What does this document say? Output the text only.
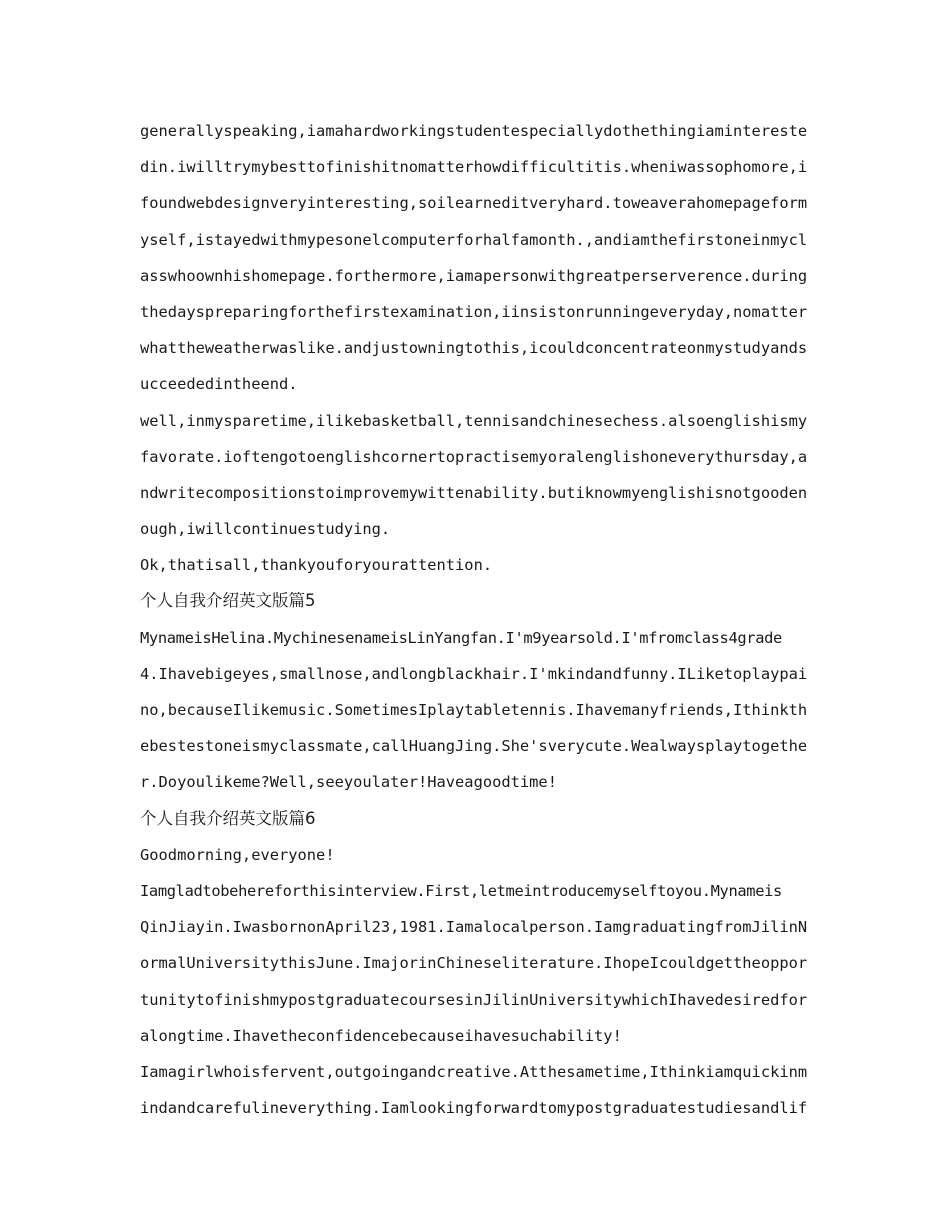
generallyspeaking,iamahardworkingstudentespeciallydothethingiamintereste
din.iwilltrymybesttofinishitnomatterhowdifficultitis.wheniwassophomore,i
foundwebdesignveryinteresting,soilearneditveryhard.toweaverahomepageform
yself,istayedwithmypesonelcomputerforhalfamonth.,andiamthefirstoneinmycl
asswhoownhishomepage.forthermore,iamapersonwithgreatperserverence.during
thedayspreparingforthefirstexamination,iinsistonrunningeveryday,nomatter
whattheweatherwaslike.andjustowningtothis,icouldconcentrateonmystudyands
ucceededintheend.
well,inmysparetime,ilikebasketball,tennisandchinesechess.alsoenglishismy
favorate.ioftengotoenglishcornertopractisemyoralenglishoneverythursday,a
ndwritecompositionstoimprovemywittenability.butiknowmyenglishisnotgooden
ough,iwillcontinuestudying.
Ok,thatisall,thankyouforyourattention.
个人自我介绍英文版篇5
MynameisHelina.MychinesenameisLinYangfan.I'm9yearsold.I'mfromclass4grade
4.Ihavebigeyes,smallnose,andlongblackhair.I'mkindandfunny.ILiketoplaypai
no,becauseIlikemusic.SometimesIplaytabletennis.Ihavemanyfriends,Ithinkth
ebestestoneismyclassmate,callHuangJing.She'sverycute.Wealwaysplaytogethe
r.Doyoulikeme?Well,seeyoulater!Haveagoodtime!
个人自我介绍英文版篇6
Goodmorning,everyone!
Iamgladtobehereforthisinterview.First,letmeintroducemyselftoyou.Mynameis
QinJiayin.IwasbornonApril23,1981.Iamalocalperson.IamgraduatingfromJilinN
ormalUniversitythisJune.ImajorinChineseliterature.IhopeIcouldgettheoppor
tunitytofinishmypostgraduatecoursesinJilinUniversitywhichIhavedesiredfor
alongtime.Ihavetheconfidencebecauseihavesuchability!
Iamagirlwhoisfervent,outgoingandcreative.Atthesametime,Ithinkiamquickinm
indandcarefulineverything.Iamlookingforwardtomypostgraduatestudiesandlif
